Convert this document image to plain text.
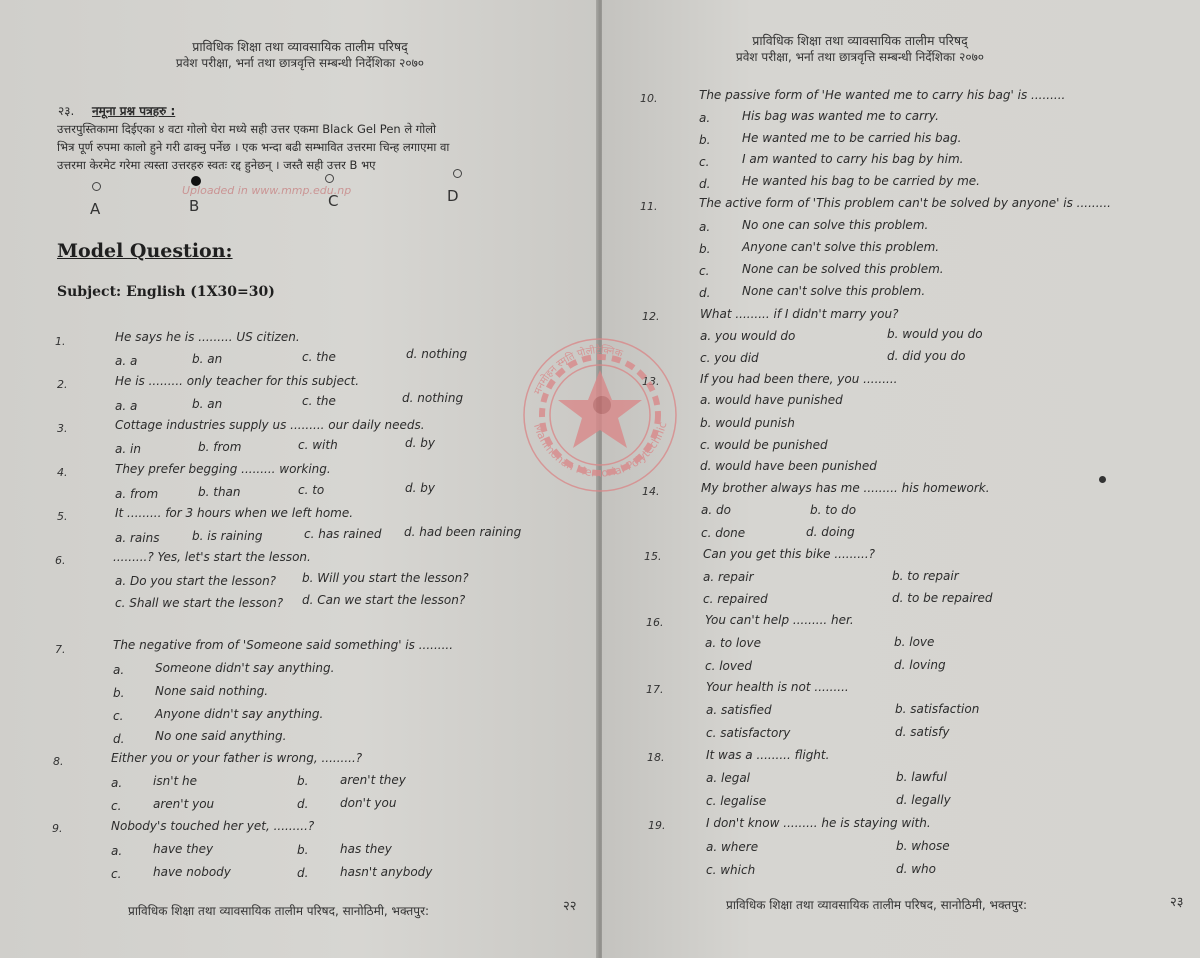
प्राविधिक शिक्षा तथा व्यावसायिक तालीम परिषद्
प्रवेश परीक्षा, भर्ना तथा छात्रवृत्ति सम्बन्धी निर्देशिका २०७०
२३. नमूना प्रश्न पत्रहरु :
उत्तरपुस्तिकामा दिईएका ४ वटा गोलो घेरा मध्ये सही उत्तर एकमा Black Gel Pen ले गोलो
भित्र पूर्ण रुपमा कालो हुने गरी ढाक्नु पर्नेछ । एक भन्दा बढी सम्भावित उत्तरमा चिन्ह लगाएमा वा
उत्तरमा केरमेट गरेमा त्यस्ता उत्तरहरु स्वतः रद्द हुनेछन् । जस्तै सही उत्तर B भए
A	B	C	D
Uploaded in www.mmp.edu.np
Model Question:
Subject: English (1X30=30)
1.	He says he is ......... US citizen.
a. a	b. an	c. the	d. nothing
2.	He is ......... only teacher for this subject.
a. a	b. an	c. the	d. nothing
3.	Cottage industries supply us ......... our daily needs.
a. in	b. from	c. with	d. by
4.	They prefer begging ......... working.
a. from	b. than	c. to	d. by
5.	It ......... for 3 hours when we left home.
a. rains	b. is raining	c. has rained d. had been raining
6.	.........? Yes, let's start the lesson.
a. Do you start the lesson? b. Will you start the lesson?
c. Shall we start the lesson? d. Can we start the lesson?
7.	The negative from of 'Someone said something' is .........
a.	Someone didn't say anything.
b.	None said nothing.
c.	Anyone didn't say anything.
d.	No one said anything.
8.	Either you or your father is wrong, .........?
a.	isn't he	b.	aren't they
c.	aren't you	d.	don't you
9.	Nobody's touched her yet, .........?
a.	have they	b.	has they
c.	have nobody	d.	hasn't anybody
प्राविधिक शिक्षा तथा व्यावसायिक तालीम परिषद, सानोठिमी, भक्तपुर:	२२
प्राविधिक शिक्षा तथा व्यावसायिक तालीम परिषद्
प्रवेश परीक्षा, भर्ना तथा छात्रवृत्ति सम्बन्धी निर्देशिका २०७०
10.	The passive form of 'He wanted me to carry his bag' is .........
a.	His bag was wanted me to carry.
b.	He wanted me to be carried his bag.
c.	I am wanted to carry his bag by him.
d.	He wanted his bag to be carried by me.
11.	The active form of 'This problem can't be solved by anyone' is .........
a.	No one can solve this problem.
b.	Anyone can't solve this problem.
c.	None can be solved this problem.
d.	None can't solve this problem.
12.	What ......... if I didn't marry you?
a. you would do	b. would you do
c. you did	d. did you do
13.	If you had been there, you .........
a. would have punished
b. would punish
c. would be punished
d. would have been punished
14.	My brother always has me ......... his homework.
a. do	b. to do
c. done	d. doing
15.	Can you get this bike .........?
a. repair	b. to repair
c. repaired	d. to be repaired
16.	You can't help ......... her.
a. to love	b. love
c. loved	d. loving
17.	Your health is not .........
a. satisfied	b. satisfaction
c. satisfactory	d. satisfy
18.	It was a ......... flight.
a. legal	b. lawful
c. legalise	d. legally
19.	I don't know ......... he is staying with.
a. where	b. whose
c. which	d. who
प्राविधिक शिक्षा तथा व्यावसायिक तालीम परिषद, सानोठिमी, भक्तपुर:	२३
Manmohan Memorial Polytechnic
मनमोहन स्मृति पोलीटेक्निक
